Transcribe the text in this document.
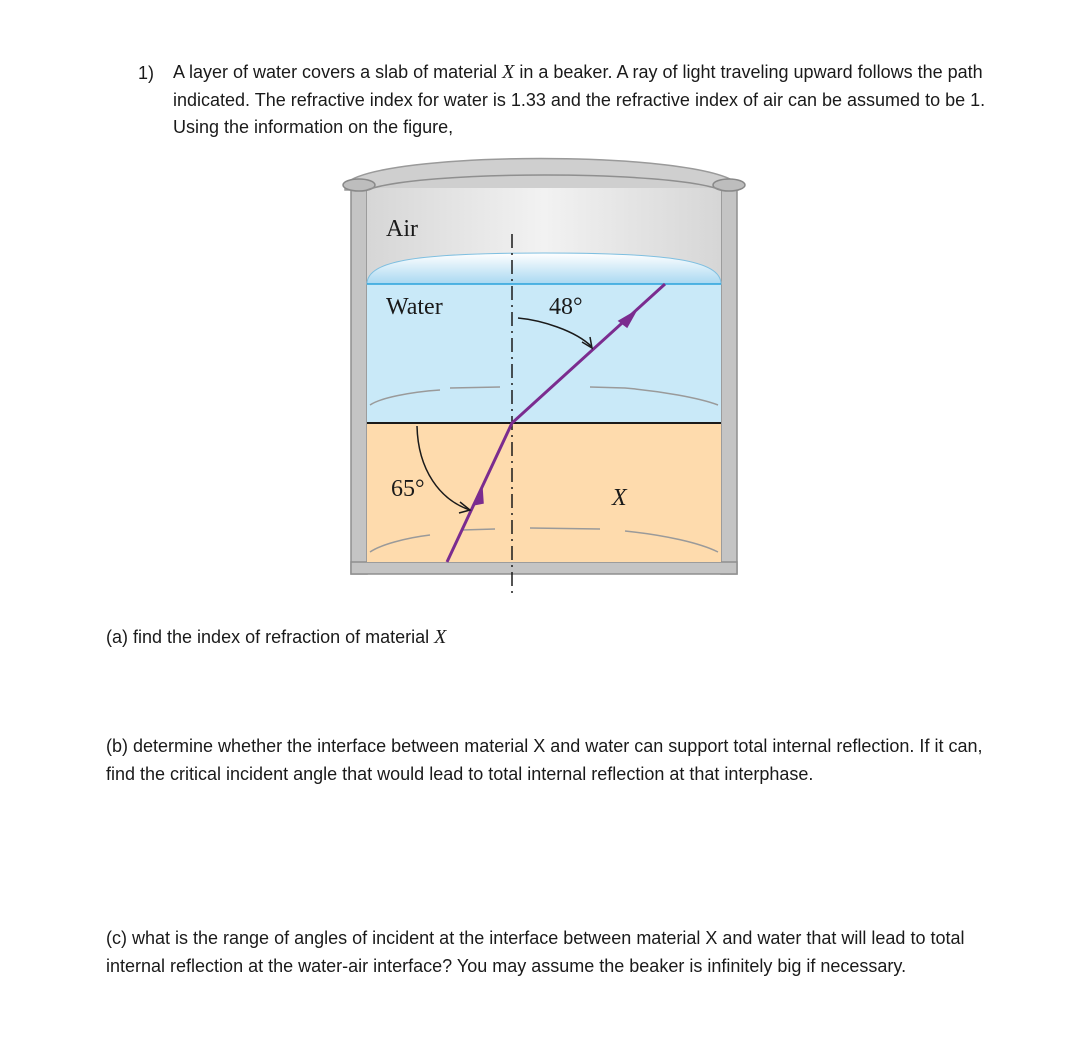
1) A layer of water covers a slab of material X in a beaker. A ray of light traveling upward follows the path indicated. The refractive index for water is 1.33 and the refractive index of air can be assumed to be 1. Using the information on the figure,
Air
Water	48°
65°	X
(a) find the index of refraction of material X
(b) determine whether the interface between material X and water can support total internal reflection. If it can, find the critical incident angle that would lead to total internal reflection at that interphase.
(c) what is the range of angles of incident at the interface between material X and water that will lead to total internal reflection at the water-air interface? You may assume the beaker is infinitely big if necessary.
